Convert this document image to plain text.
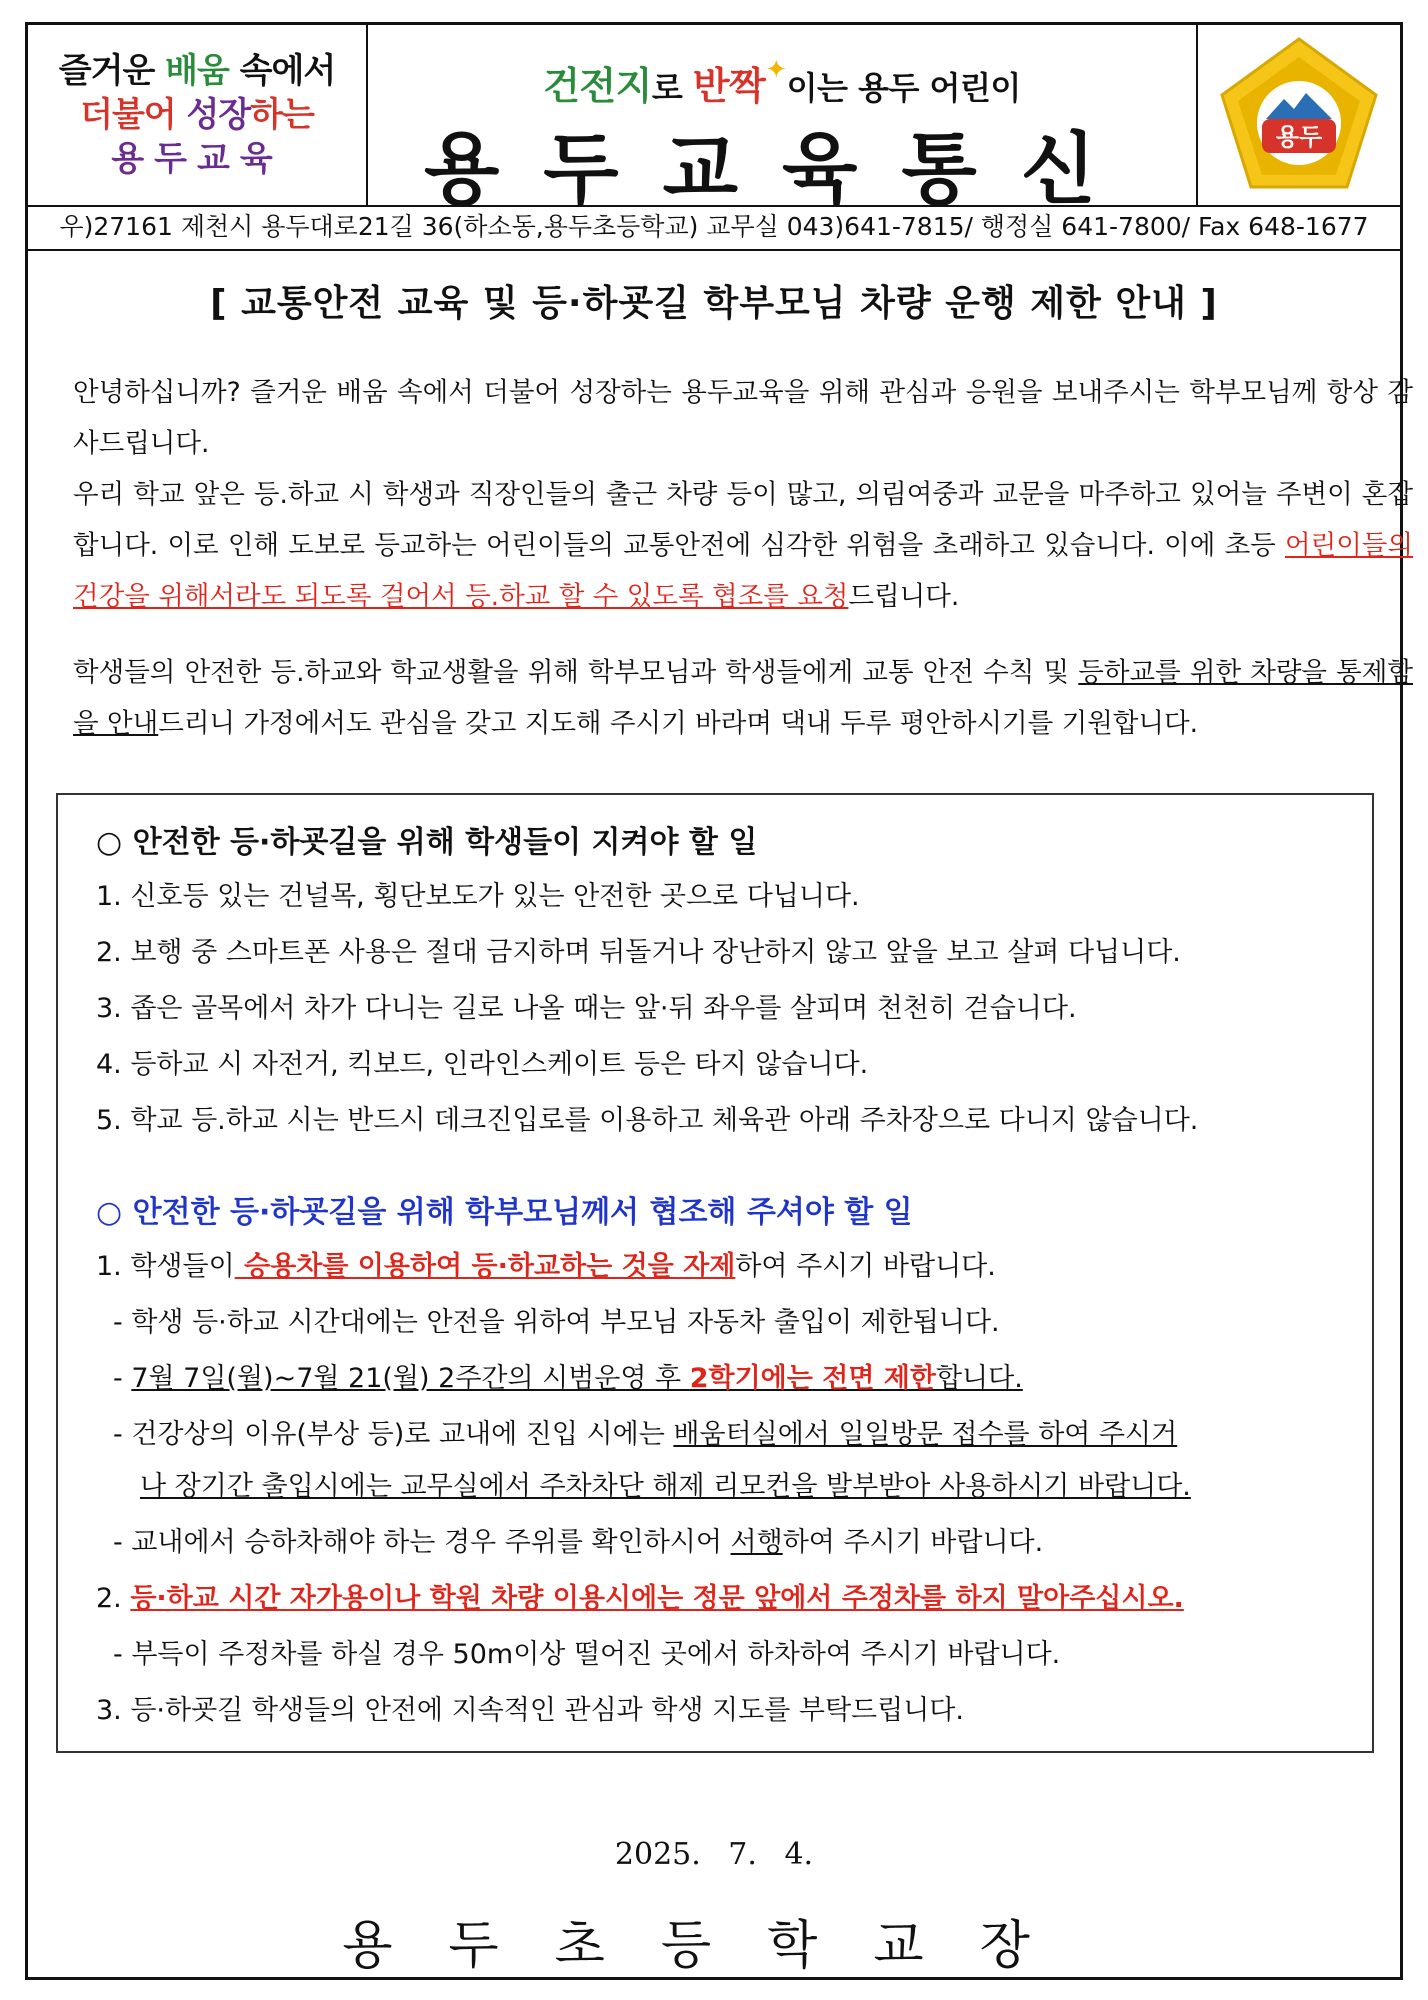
즐거운 배움 속에서
더불어 성장하는
용두교육
건전지로 반짝✦이는 용두 어린이
용두교육통신	용두
우)27161 제천시 용두대로21길 36(하소동,용두초등학교) 교무실 043)641-7815/ 행정실 641-7800/ Fax 648-1677
[ 교통안전 교육 및 등·하굣길 학부모님 차량 운행 제한 안내 ]
안녕하십니까? 즐거운 배움 속에서 더불어 성장하는 용두교육을 위해 관심과 응원을 보내주시는 학부모님께 항상 감사드립니다.
우리 학교 앞은 등.하교 시 학생과 직장인들의 출근 차량 등이 많고, 의림여중과 교문을 마주하고 있어늘 주변이 혼잡합니다. 이로 인해 도보로 등교하는 어린이들의 교통안전에 심각한 위험을 초래하고 있습니다. 이에 초등 어린이들의 건강을 위해서라도 되도록 걸어서 등.하교 할 수 있도록 협조를 요청드립니다.
학생들의 안전한 등.하교와 학교생활을 위해 학부모님과 학생들에게 교통 안전 수칙 및 등하교를 위한 차량을 통제함을 안내드리니 가정에서도 관심을 갖고 지도해 주시기 바라며 댁내 두루 평안하시기를 기원합니다.
○ 안전한 등·하굣길을 위해 학생들이 지켜야 할 일
1. 신호등 있는 건널목, 횡단보도가 있는 안전한 곳으로 다닙니다.
2. 보행 중 스마트폰 사용은 절대 금지하며 뒤돌거나 장난하지 않고 앞을 보고 살펴 다닙니다.
3. 좁은 골목에서 차가 다니는 길로 나올 때는 앞·뒤 좌우를 살피며 천천히 걷습니다.
4. 등하교 시 자전거, 킥보드, 인라인스케이트 등은 타지 않습니다.
5. 학교 등.하교 시는 반드시 데크진입로를 이용하고 체육관 아래 주차장으로 다니지 않습니다.
○ 안전한 등·하굣길을 위해 학부모님께서 협조해 주셔야 할 일
1. 학생들이 승용차를 이용하여 등·하교하는 것을 자제하여 주시기 바랍니다.
- 학생 등·하교 시간대에는 안전을 위하여 부모님 자동차 출입이 제한됩니다.
- 7월 7일(월)~7월 21(월) 2주간의 시범운영 후 2학기에는 전면 제한합니다.
- 건강상의 이유(부상 등)로 교내에 진입 시에는 배움터실에서 일일방문 접수를 하여 주시거
나 장기간 출입시에는 교무실에서 주차차단 해제 리모컨을 발부받아 사용하시기 바랍니다.
- 교내에서 승하차해야 하는 경우 주위를 확인하시어 서행하여 주시기 바랍니다.
2. 등·하교 시간 자가용이나 학원 차량 이용시에는 정문 앞에서 주정차를 하지 말아주십시오.
- 부득이 주정차를 하실 경우 50m이상 떨어진 곳에서 하차하여 주시기 바랍니다.
3. 등·하굣길 학생들의 안전에 지속적인 관심과 학생 지도를 부탁드립니다.
2025. 7. 4.
용두초등학교장
